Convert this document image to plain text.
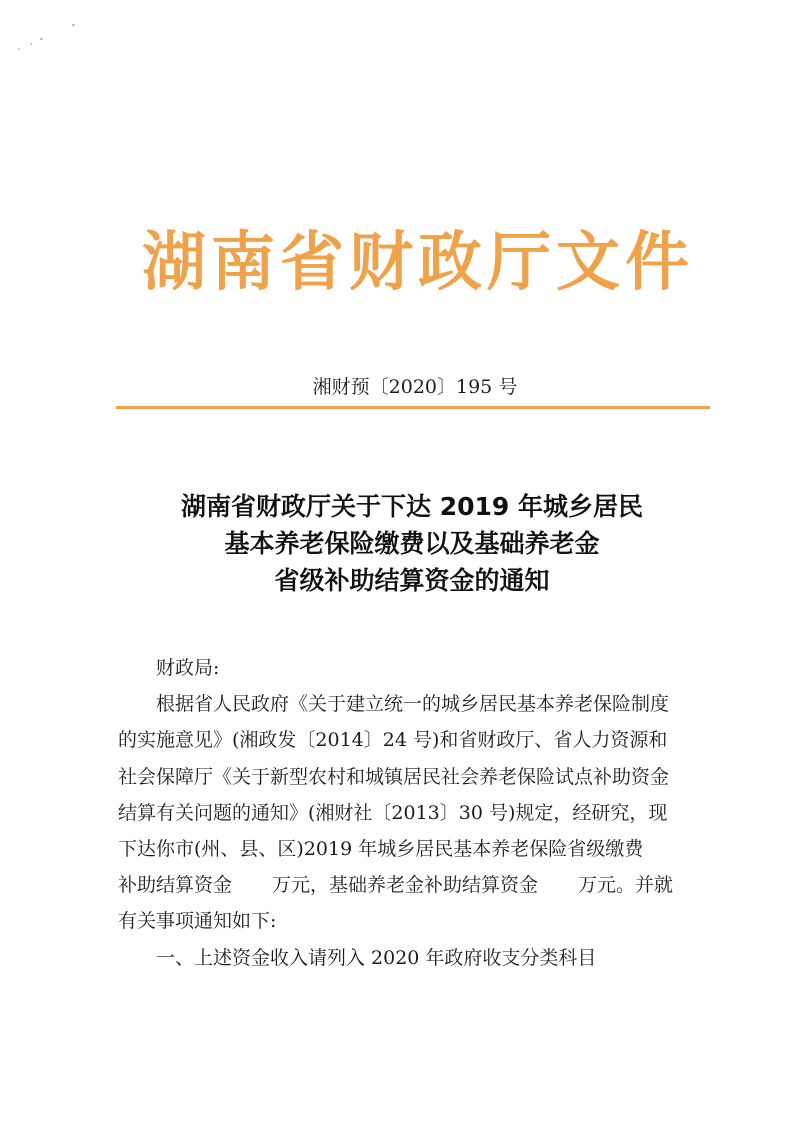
湖南省财政厅文件
湘财预〔2020〕195 号
湖南省财政厅关于下达 2019 年城乡居民
基本养老保险缴费以及基础养老金
省级补助结算资金的通知

财政局:

根据省人民政府《关于建立统一的城乡居民基本养老保险制度

的实施意见》(湘政发〔2014〕24 号)和省财政厅、省人力资源和

社会保障厅《关于新型农村和城镇居民社会养老保险试点补助资金

结算有关问题的通知》(湘财社〔2013〕30 号)规定，经研究，现

下达你市(州、县、区)2019 年城乡居民基本养老保险省级缴费

补助结算资金 万元，基础养老金补助结算资金 万元。并就

有关事项通知如下:

一、上述资金收入请列入 2020 年政府收支分类科目
